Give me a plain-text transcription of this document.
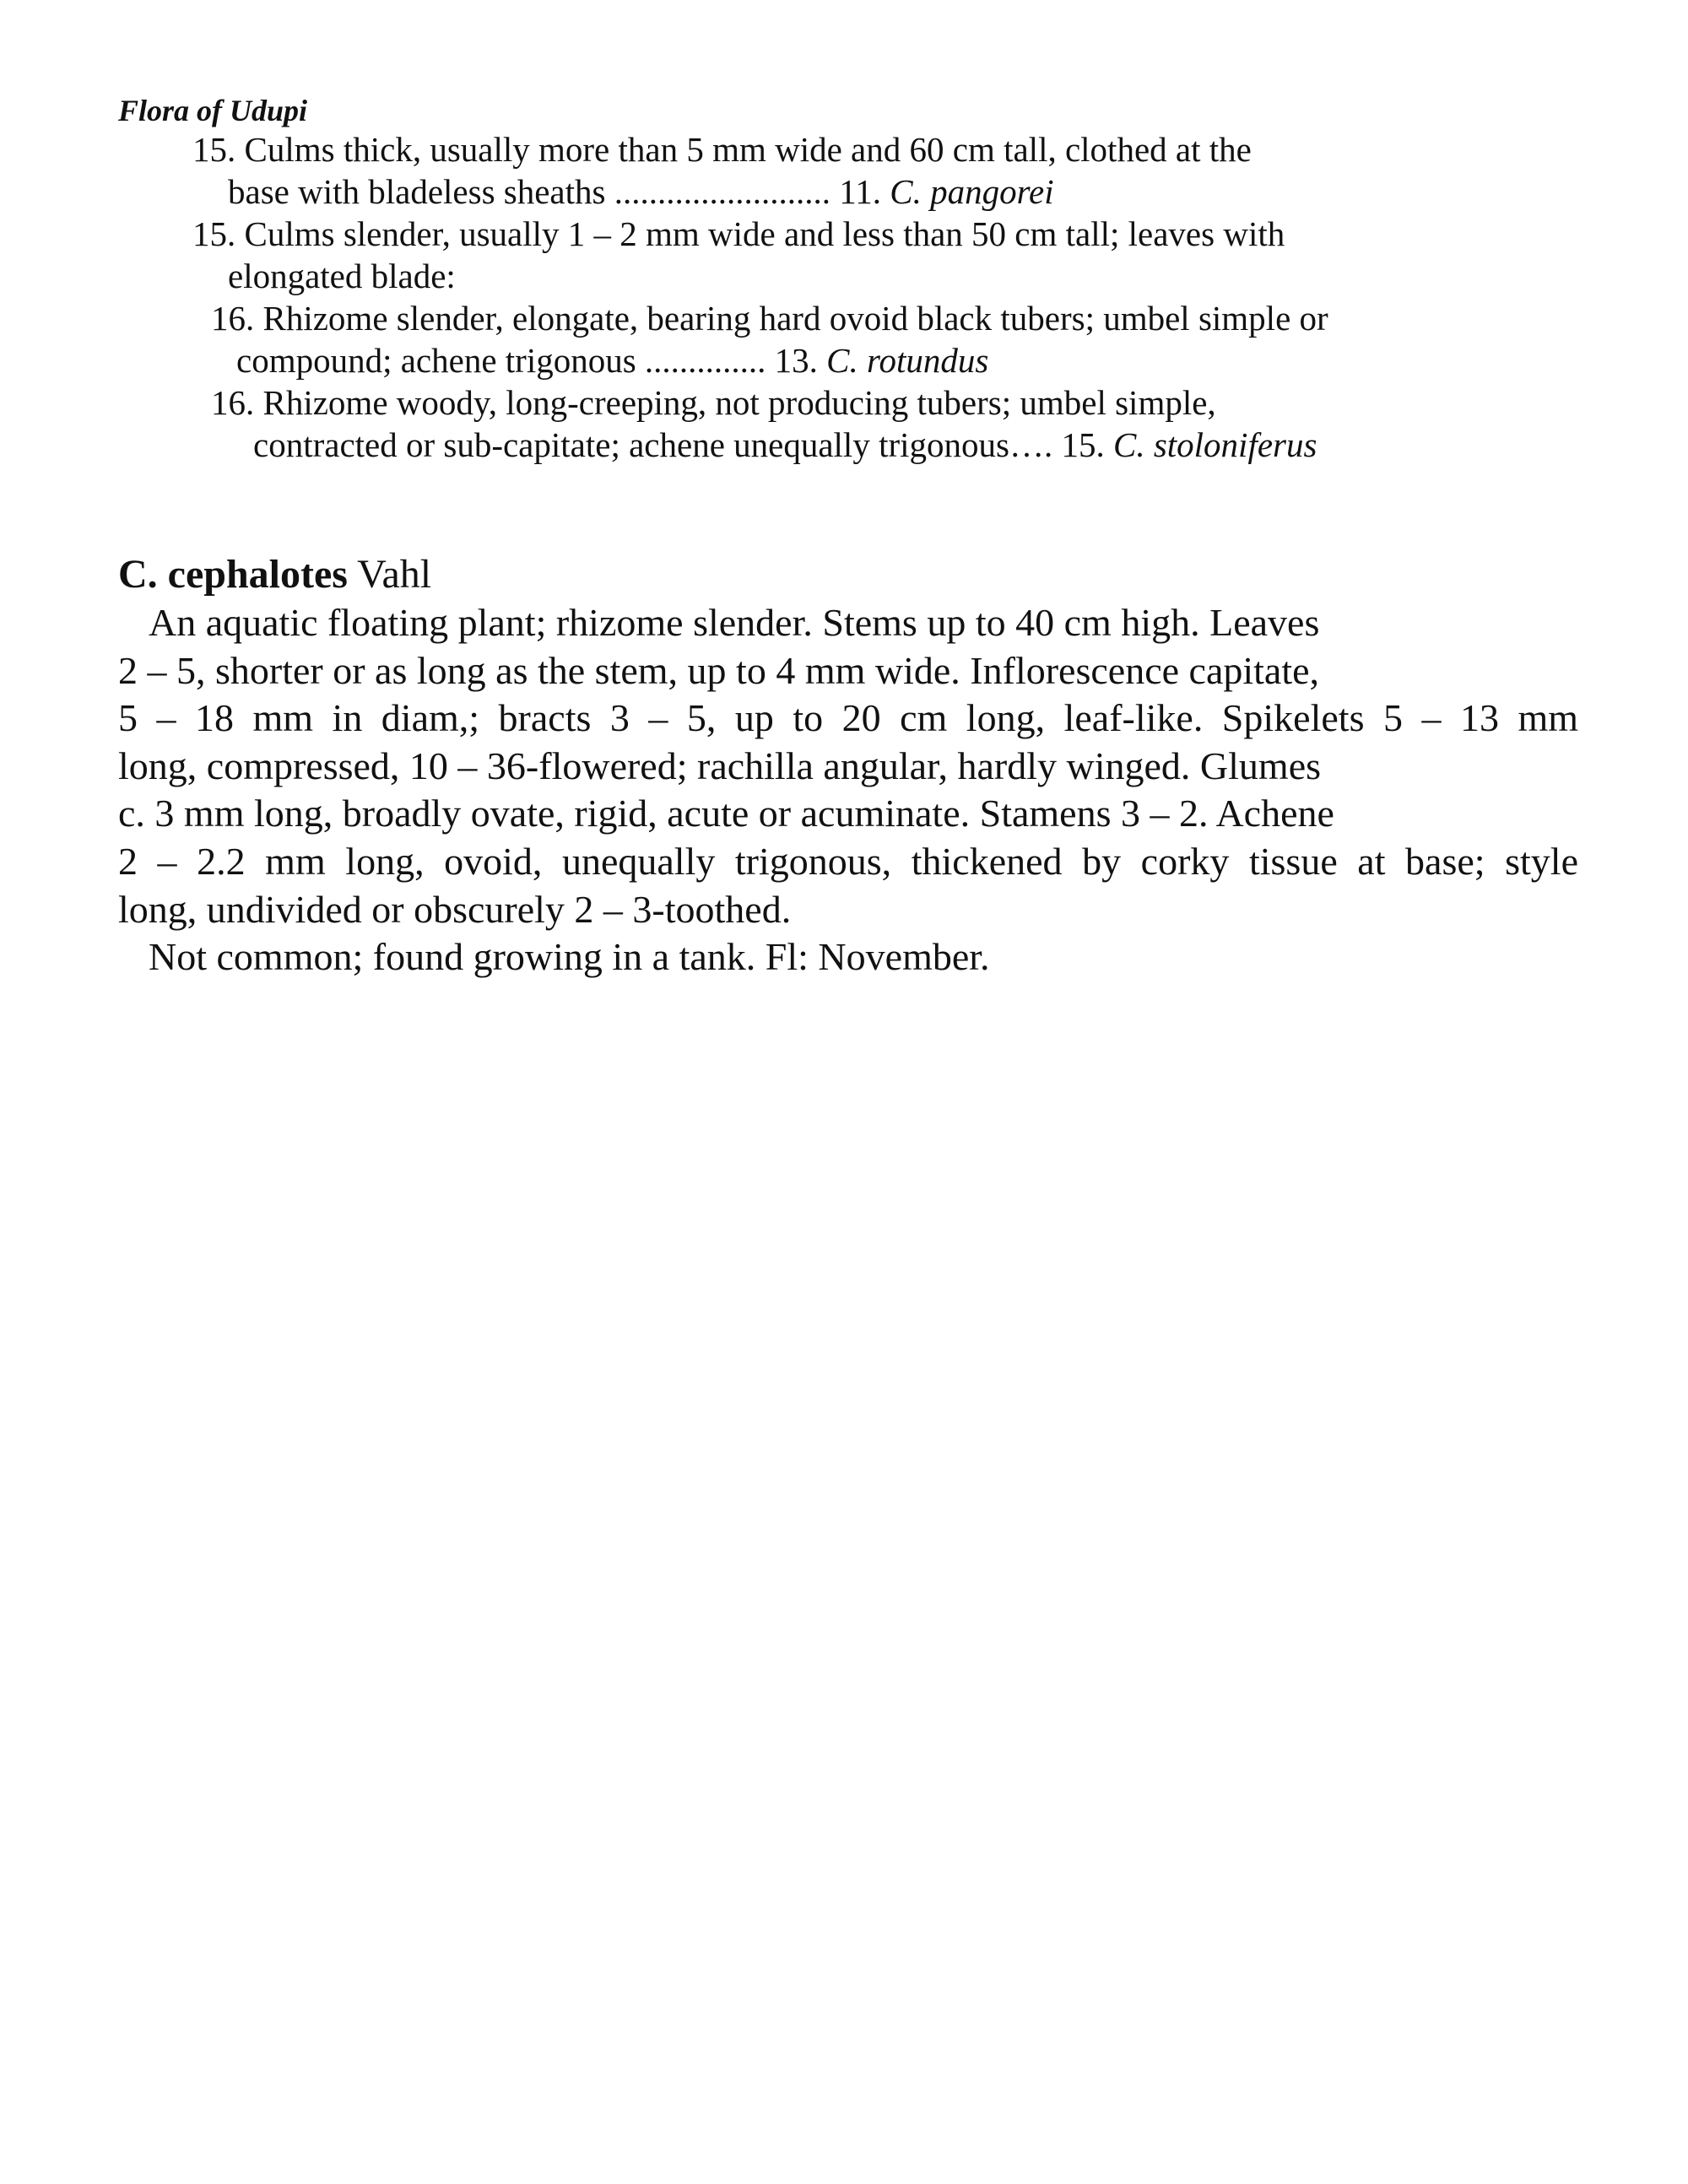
Flora of Udupi
15. Culms thick, usually more than 5 mm wide and 60 cm tall, clothed at the
base with bladeless sheaths ......................... 11. C. pangorei
15. Culms slender, usually 1 – 2 mm wide and less than 50 cm tall; leaves with
elongated blade:
16. Rhizome slender, elongate, bearing hard ovoid black tubers; umbel simple or
compound; achene trigonous .............. 13. C. rotundus
16. Rhizome woody, long-creeping, not producing tubers; umbel simple,
contracted or sub-capitate; achene unequally trigonous…. 15. C. stoloniferus
C. cephalotes Vahl
An aquatic floating plant; rhizome slender. Stems up to 40 cm high. Leaves
2 – 5, shorter or as long as the stem, up to 4 mm wide. Inflorescence capitate,
5 – 18 mm in diam,; bracts 3 – 5, up to 20 cm long, leaf-like. Spikelets 5 – 13 mm
long, compressed, 10 – 36-flowered; rachilla angular, hardly winged. Glumes
c. 3 mm long, broadly ovate, rigid, acute or acuminate. Stamens 3 – 2. Achene
2 – 2.2 mm long, ovoid, unequally trigonous, thickened by corky tissue at base; style
long, undivided or obscurely 2 – 3-toothed.

Not common; found growing in a tank. Fl: November.
